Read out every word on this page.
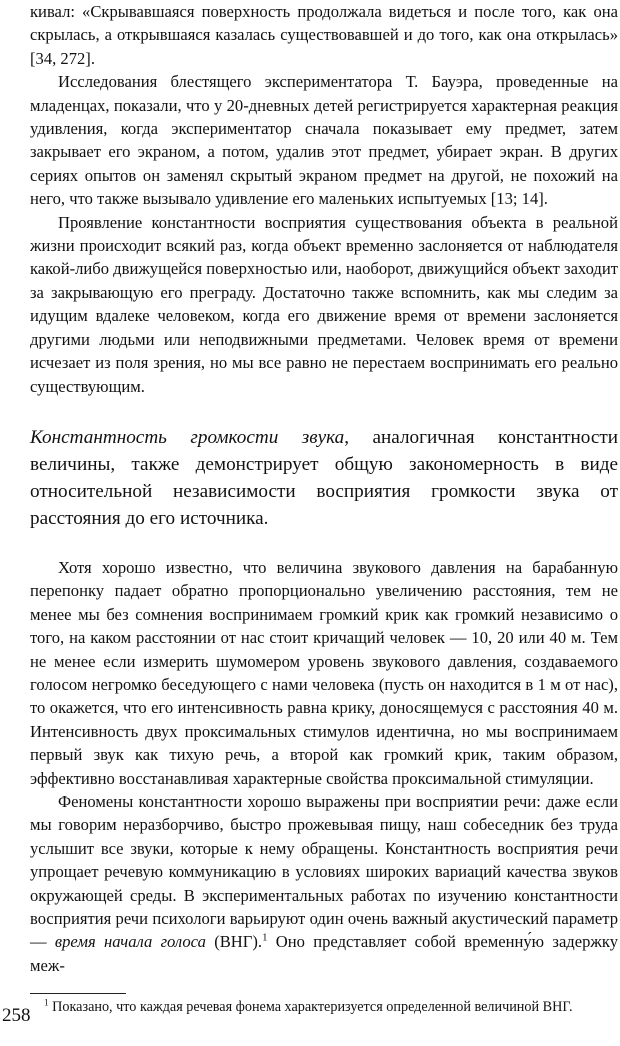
кивал: «Скрывавшаяся поверхность продолжала видеться и после того, как она скрылась, а открывшаяся казалась существовавшей и до того, как она открылась» [34, 272].

Исследования блестящего экспериментатора Т. Бауэра, проведенные на младенцах, показали, что у 20-дневных детей регистрируется характерная реакция удивления, когда экспериментатор сначала показывает ему предмет, затем закрывает его экраном, а потом, удалив этот предмет, убирает экран. В других сериях опытов он заменял скрытый экраном предмет на другой, не похожий на него, что также вызывало удивление его маленьких испытуемых [13; 14].

Проявление константности восприятия существования объекта в реальной жизни происходит всякий раз, когда объект временно заслоняется от наблюдателя какой-либо движущейся поверхностью или, наоборот, движущийся объект заходит за закрывающую его преграду. Достаточно также вспомнить, как мы следим за идущим вдалеке человеком, когда его движение время от времени заслоняется другими людьми или неподвижными предметами. Человек время от времени исчезает из поля зрения, но мы все равно не перестаем воспринимать его реально существующим.

Константность громкости звука, аналогичная константности величины, также демонстрирует общую закономерность в виде относительной независимости восприятия громкости звука от расстояния до его источника.

Хотя хорошо известно, что величина звукового давления на барабанную перепонку падает обратно пропорционально увеличению расстояния, тем не менее мы без сомнения воспринимаем громкий крик как громкий независимо о того, на каком расстоянии от нас стоит кричащий человек — 10, 20 или 40 м. Тем не менее если измерить шумомером уровень звукового давления, создаваемого голосом негромко беседующего с нами человека (пусть он находится в 1 м от нас), то окажется, что его интенсивность равна крику, доносящемуся с расстояния 40 м. Интенсивность двух проксимальных стимулов идентична, но мы воспринимаем первый звук как тихую речь, а второй как громкий крик, таким образом, эффективно восстанавливая характерные свойства проксимальной стимуляции.

Феномены константности хорошо выражены при восприятии речи: даже если мы говорим неразборчиво, быстро прожевывая пищу, наш собеседник без труда услышит все звуки, которые к нему обращены. Константность восприятия речи упрощает речевую коммуникацию в условиях широких вариаций качества звуков окружающей среды. В экспериментальных работах по изучению константности восприятия речи психологи варьируют один очень важный акустический параметр — время начала голоса (ВНГ).$^1$ Оно представляет собой временну́ю задержку меж-

$^1$ Показано, что каждая речевая фонема характеризуется определенной величиной ВНГ.

258
